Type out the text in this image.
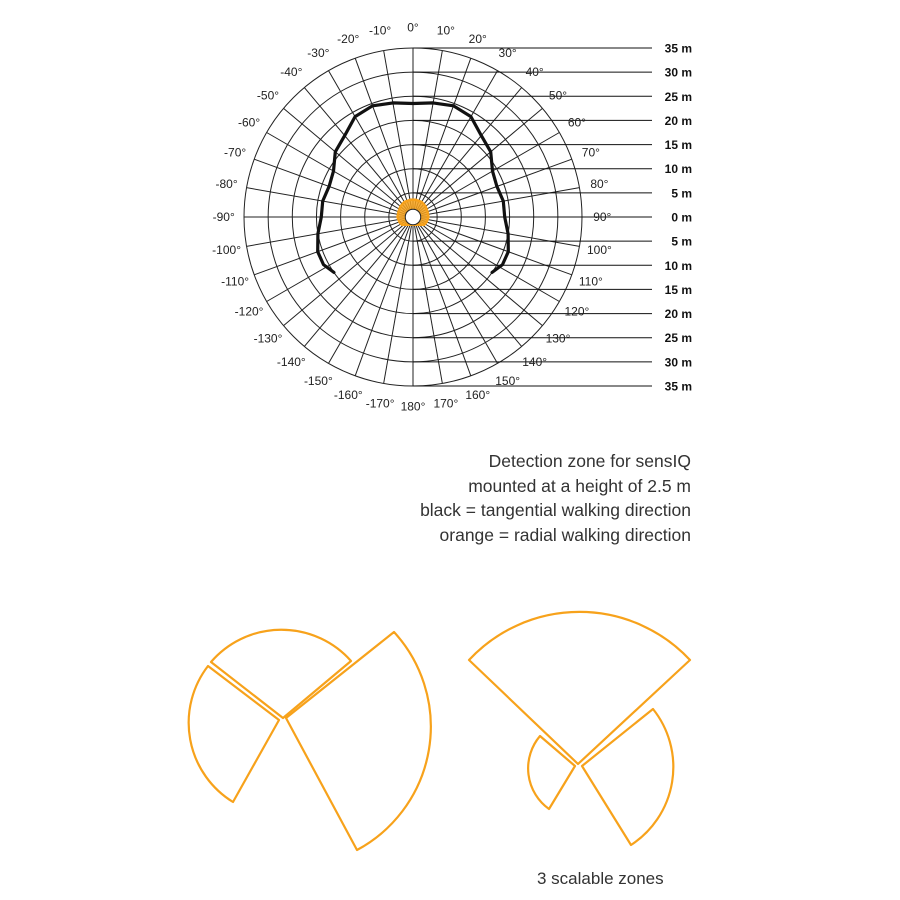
0° 10°
20°
30°
40°
50°
60°
70°
80°
90°
100°
110°
120°
130°
140°
150°
160°
170°
180°
-170°
-160°
-150°
-140°
-130°
-120°
-110°
-100°
-90°
-80°
-70°
-60°
-50°
-40°
-30°
-20°
-10°
35 m
30 m
25 m
20 m
15 m
10 m
5 m
0 m
5 m
10 m
15 m
20 m
25 m
30 m
35 m
Detection zone for sensIQ
mounted at a height of 2.5 m
black = tangential walking direction
orange = radial walking direction
3 scalable zones
